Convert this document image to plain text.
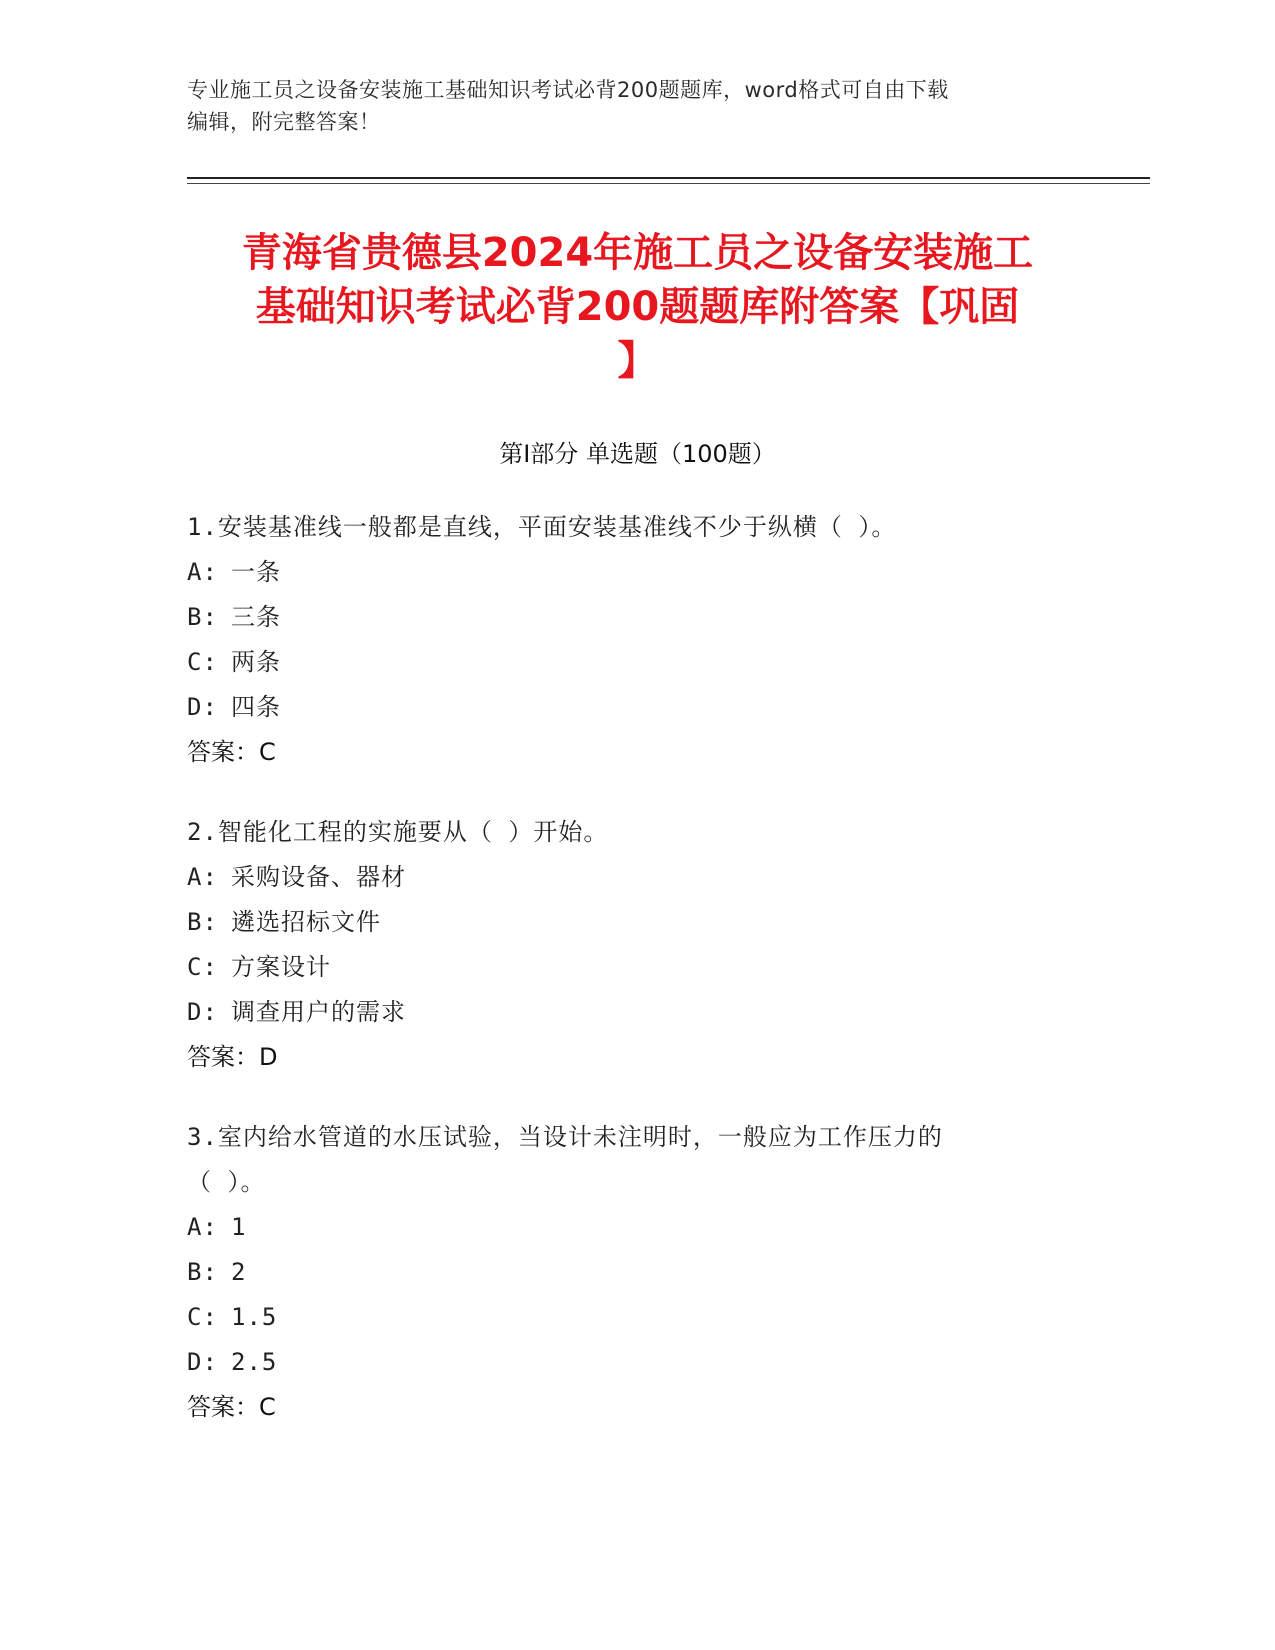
专业施工员之设备安装施工基础知识考试必背200题题库，word格式可自由下载
编辑，附完整答案！
青海省贵德县2024年施工员之设备安装施工
基础知识考试必背200题题库附答案【巩固
】
第I部分 单选题（100题）
1.安装基准线一般都是直线，平面安装基准线不少于纵横（ ）。
A: 一条
B: 三条
C: 两条
D: 四条
答案：C
2.智能化工程的实施要从（ ）开始。
A: 采购设备、器材
B: 遴选招标文件
C: 方案设计
D: 调查用户的需求
答案：D
3.室内给水管道的水压试验，当设计未注明时，一般应为工作压力的
（ ）。
A: 1
B: 2
C: 1.5
D: 2.5
答案：C
